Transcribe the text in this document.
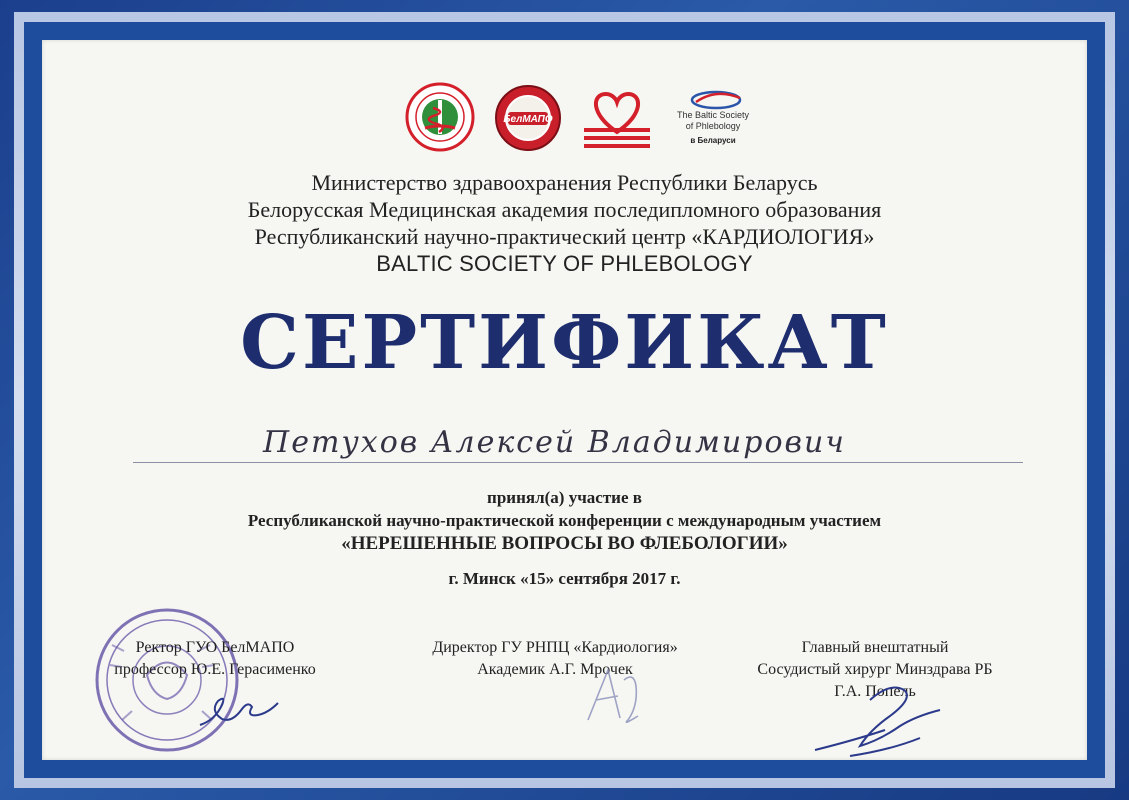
БелМАПО	The Baltic Society
of Phlebology
в Беларуси
Министерство здравоохранения Республики Беларусь
Белорусская Медицинская академия последипломного образования
Республиканский научно-практический центр «КАРДИОЛОГИЯ»
BALTIC SOCIETY OF PHLEBOLOGY
СЕРТИФИКАТ
Петухов Алексей Владимирович
принял(а) участие в
Республиканской научно-практической конференции с международным участием
«НЕРЕШЕННЫЕ ВОПРОСЫ ВО ФЛЕБОЛОГИИ»
г. Минск «15» сентября 2017 г.
Ректор ГУО БелМАПО
профессор Ю.Е. Герасименко
Директор ГУ РНПЦ «Кардиология»
Академик А.Г. Мрочек
Главный внештатный
Сосудистый хирург Минздрава РБ
Г.А. Попель
